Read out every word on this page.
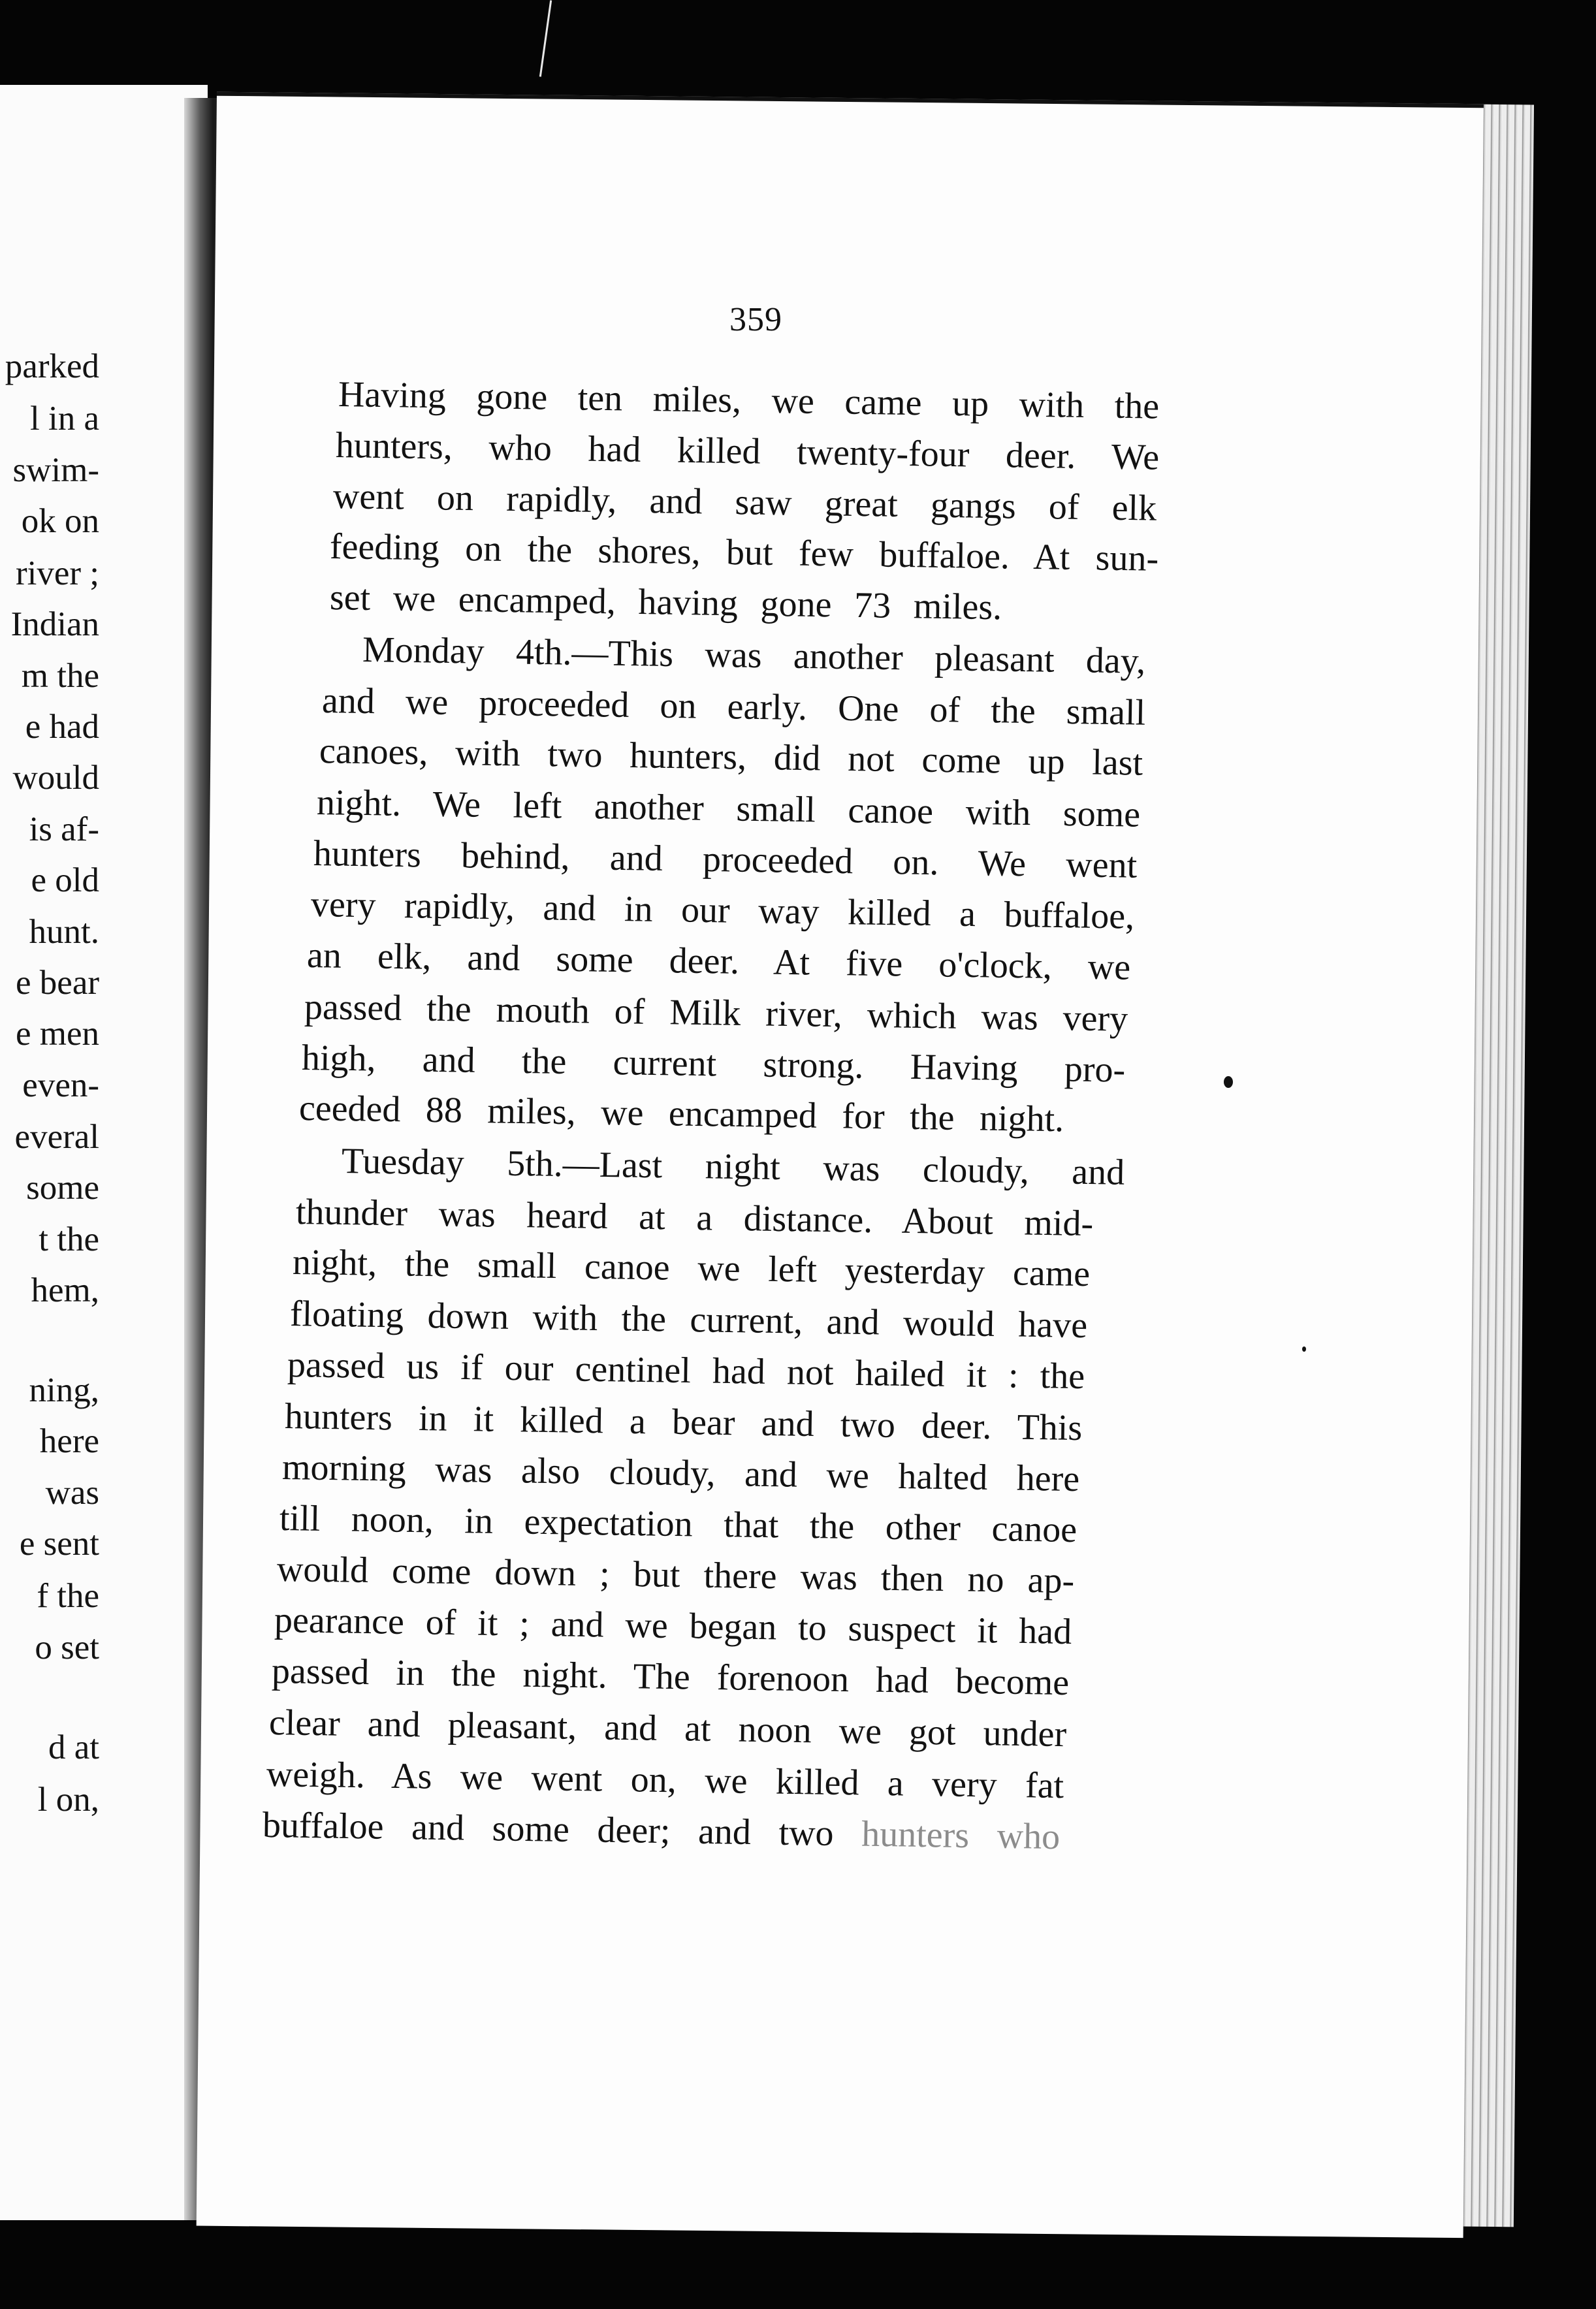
359
Having gone ten miles, we came up with the
hunters, who had killed twenty-four deer. We
went on rapidly, and saw great gangs of elk
feeding on the shores, but few buffaloe. At sun-
set we encamped, having gone 73 miles.
Monday 4th.—This was another pleasant day,
and we proceeded on early. One of the small
canoes, with two hunters, did not come up last
night. We left another small canoe with some
hunters behind, and proceeded on. We went
very rapidly, and in our way killed a buffaloe,
an elk, and some deer. At five o'clock, we
passed the mouth of Milk river, which was very
high, and the current strong. Having pro-
ceeded 88 miles, we encamped for the night.
Tuesday 5th.—Last night was cloudy, and
thunder was heard at a distance. About mid-
night, the small canoe we left yesterday came
floating down with the current, and would have
passed us if our centinel had not hailed it : the
hunters in it killed a bear and two deer. This
morning was also cloudy, and we halted here
till noon, in expectation that the other canoe
would come down ; but there was then no ap-
pearance of it ; and we began to suspect it had
passed in the night. The forenoon had become
clear and pleasant, and at noon we got under
weigh. As we went on, we killed a very fat
buffaloe and some deer; and two hunters who
parked
l in a
swim-
ok on
river ;
Indian
m the
e had
would
is af-
e old
hunt.
e bear
e men
even-
everal
some
t the
hem,
ning,
here
was
e sent
f the
o set
d at
l on,
